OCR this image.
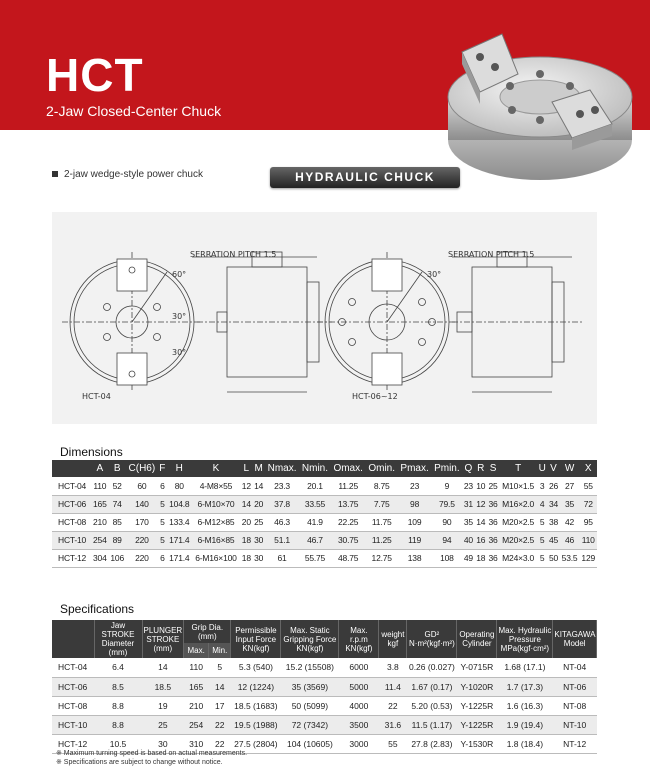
HCT
2-Jaw Closed-Center Chuck
2-jaw wedge-style power chuck	HYDRAULIC CHUCK
HCT-04	HCT-06~12
SERRATION PITCH 1.5	SERRATION PITCH 1.5
60°
30°
30°
30°
Dimensions
	A	B	C(H6)	F	H	K	L	M	Nmax.	Nmin.	Omax.	Omin.	Pmax.	Pmin.	Q	R	S	T	U	V	W	X
HCT-04	110	52	60	6	80	4-M8×55	12	14	23.3	20.1	11.25	8.75	23	9	23	10	25	M10×1.5	3	26	27	55
HCT-06	165	74	140	5	104.8	6-M10×70	14	20	37.8	33.55	13.75	7.75	98	79.5	31	12	36	M16×2.0	4	34	35	72
HCT-08	210	85	170	5	133.4	6-M12×85	20	25	46.3	41.9	22.25	11.75	109	90	35	14	36	M20×2.5	5	38	42	95
HCT-10	254	89	220	5	171.4	6-M16×85	18	30	51.1	46.7	30.75	11.25	119	94	40	16	36	M20×2.5	5	45	46	110
HCT-12	304	106	220	6	171.4	6-M16×100	18	30	61	55.75	48.75	12.75	138	108	49	18	36	M24×3.0	5	50	53.5	129
Specifications
	Jaw STROKE Diameter (mm)	PLUNGER STROKE (mm)	Grip Dia. (mm)		Permissible Input Force KN(kgf)	Max. Static Gripping Force KN(kgf)	Max. r.p.m KN(kgf)	weight kgf	GD² N·m²(kgf·m²)	Operating Cylinder	Max. Hydraulic Pressure MPa(kgf·cm²)	KITAGAWA Model
			Max.	Min.								
HCT-04	6.4	14	110	5	5.3 (540)	15.2 (15508)	6000	3.8	0.26 (0.027)	Y-0715R	1.68 (17.1)	NT-04
HCT-06	8.5	18.5	165	14	12 (1224)	35 (3569)	5000	11.4	1.67 (0.17)	Y-1020R	1.7 (17.3)	NT-06
HCT-08	8.8	19	210	17	18.5 (1683)	50 (5099)	4000	22	5.20 (0.53)	Y-1225R	1.6 (16.3)	NT-08
HCT-10	8.8	25	254	22	19.5 (1988)	72 (7342)	3500	31.6	11.5 (1.17)	Y-1225R	1.9 (19.4)	NT-10
HCT-12	10.5	30	310	22	27.5 (2804)	104 (10605)	3000	55	27.8 (2.83)	Y-1530R	1.8 (18.4)	NT-12
※ Maximum turning speed is based on actual measurements.
※ Specifications are subject to change without notice.
